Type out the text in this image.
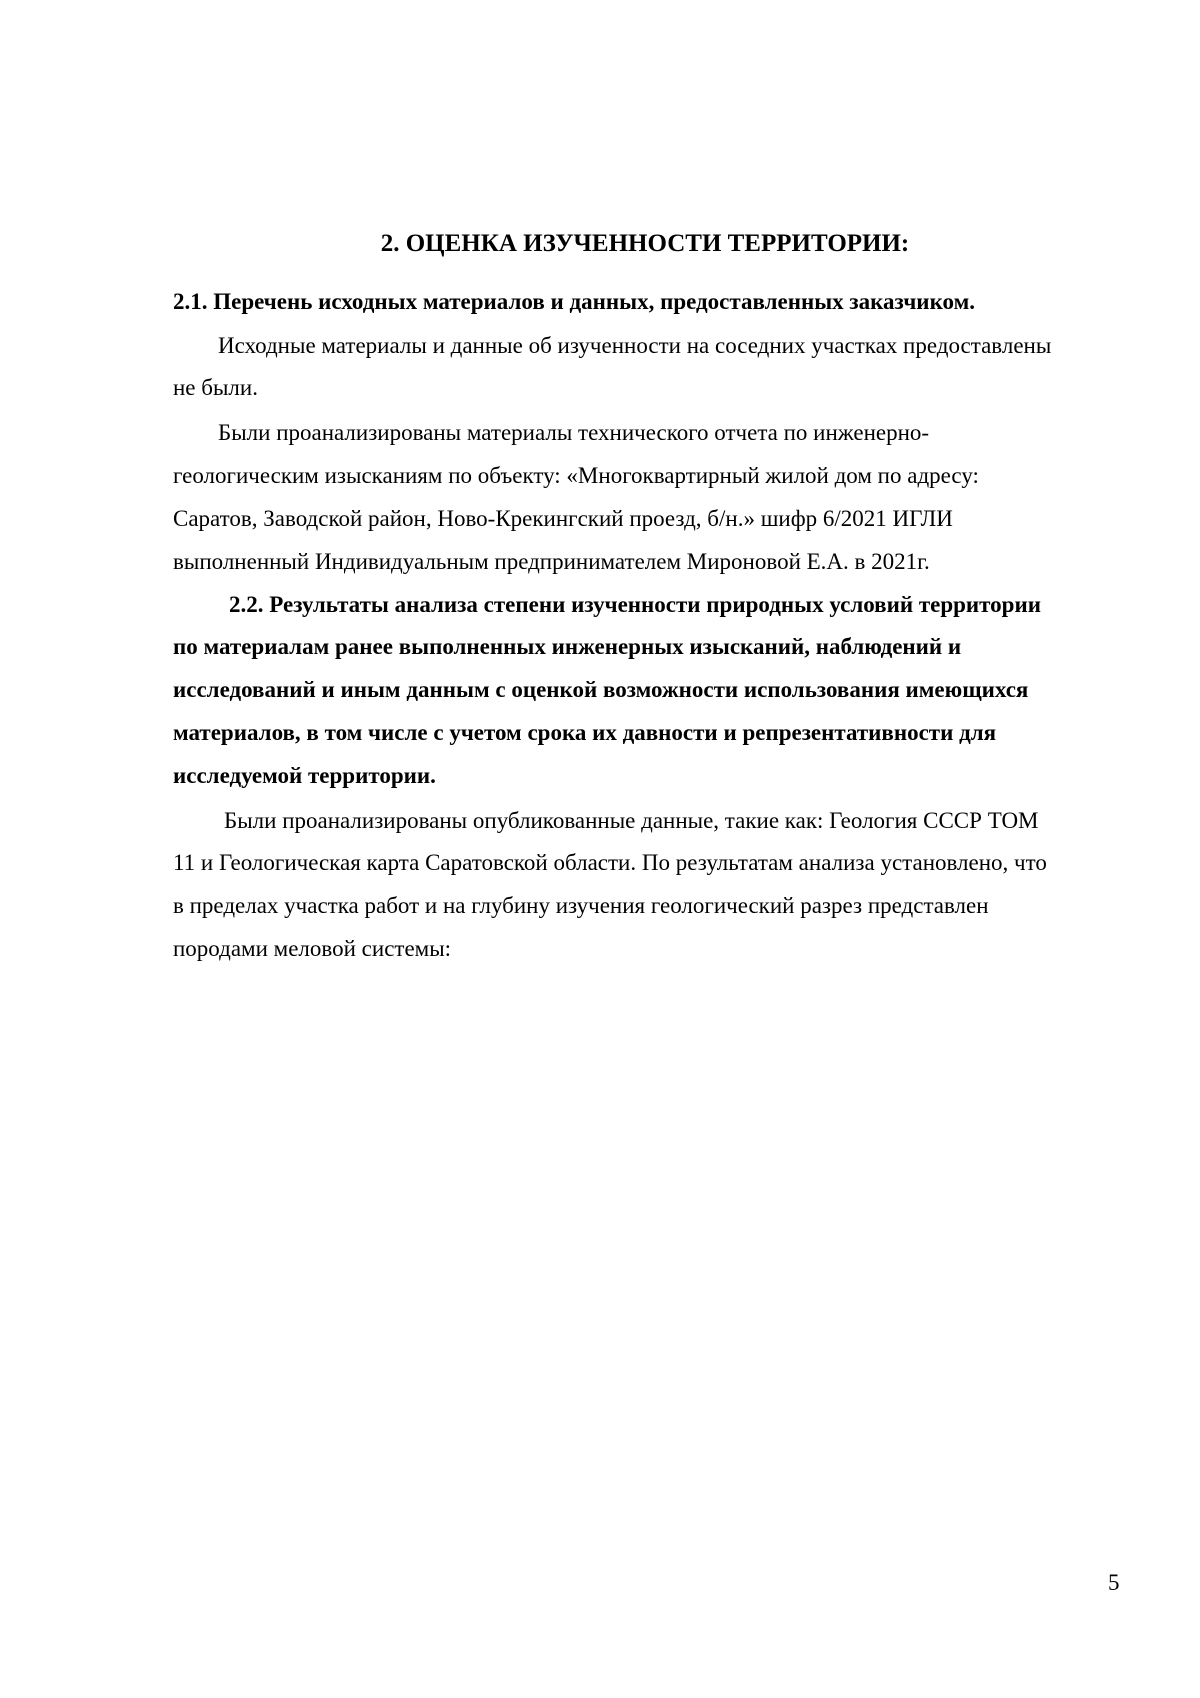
2. ОЦЕНКА ИЗУЧЕННОСТИ ТЕРРИТОРИИ:
2.1. Перечень исходных материалов и данных, предоставленных заказчиком.
Исходные материалы и данные об изученности на соседних участках предоставлены
не были.
Были проанализированы материалы технического отчета по инженерно-
геологическим изысканиям по объекту: «Многоквартирный жилой дом по адресу:
Саратов, Заводской район, Ново-Крекингский проезд, б/н.» шифр 6/2021 ИГЛИ
выполненный Индивидуальным предпринимателем Мироновой Е.А. в 2021г.
2.2. Результаты анализа степени изученности природных условий территории
по материалам ранее выполненных инженерных изысканий, наблюдений и
исследований и иным данным с оценкой возможности использования имеющихся
материалов, в том числе с учетом срока их давности и репрезентативности для
исследуемой территории.
Были проанализированы опубликованные данные, такие как: Геология СССР ТОМ
11 и Геологическая карта Саратовской области. По результатам анализа установлено, что
в пределах участка работ и на глубину изучения геологический разрез представлен
породами меловой системы:
5
